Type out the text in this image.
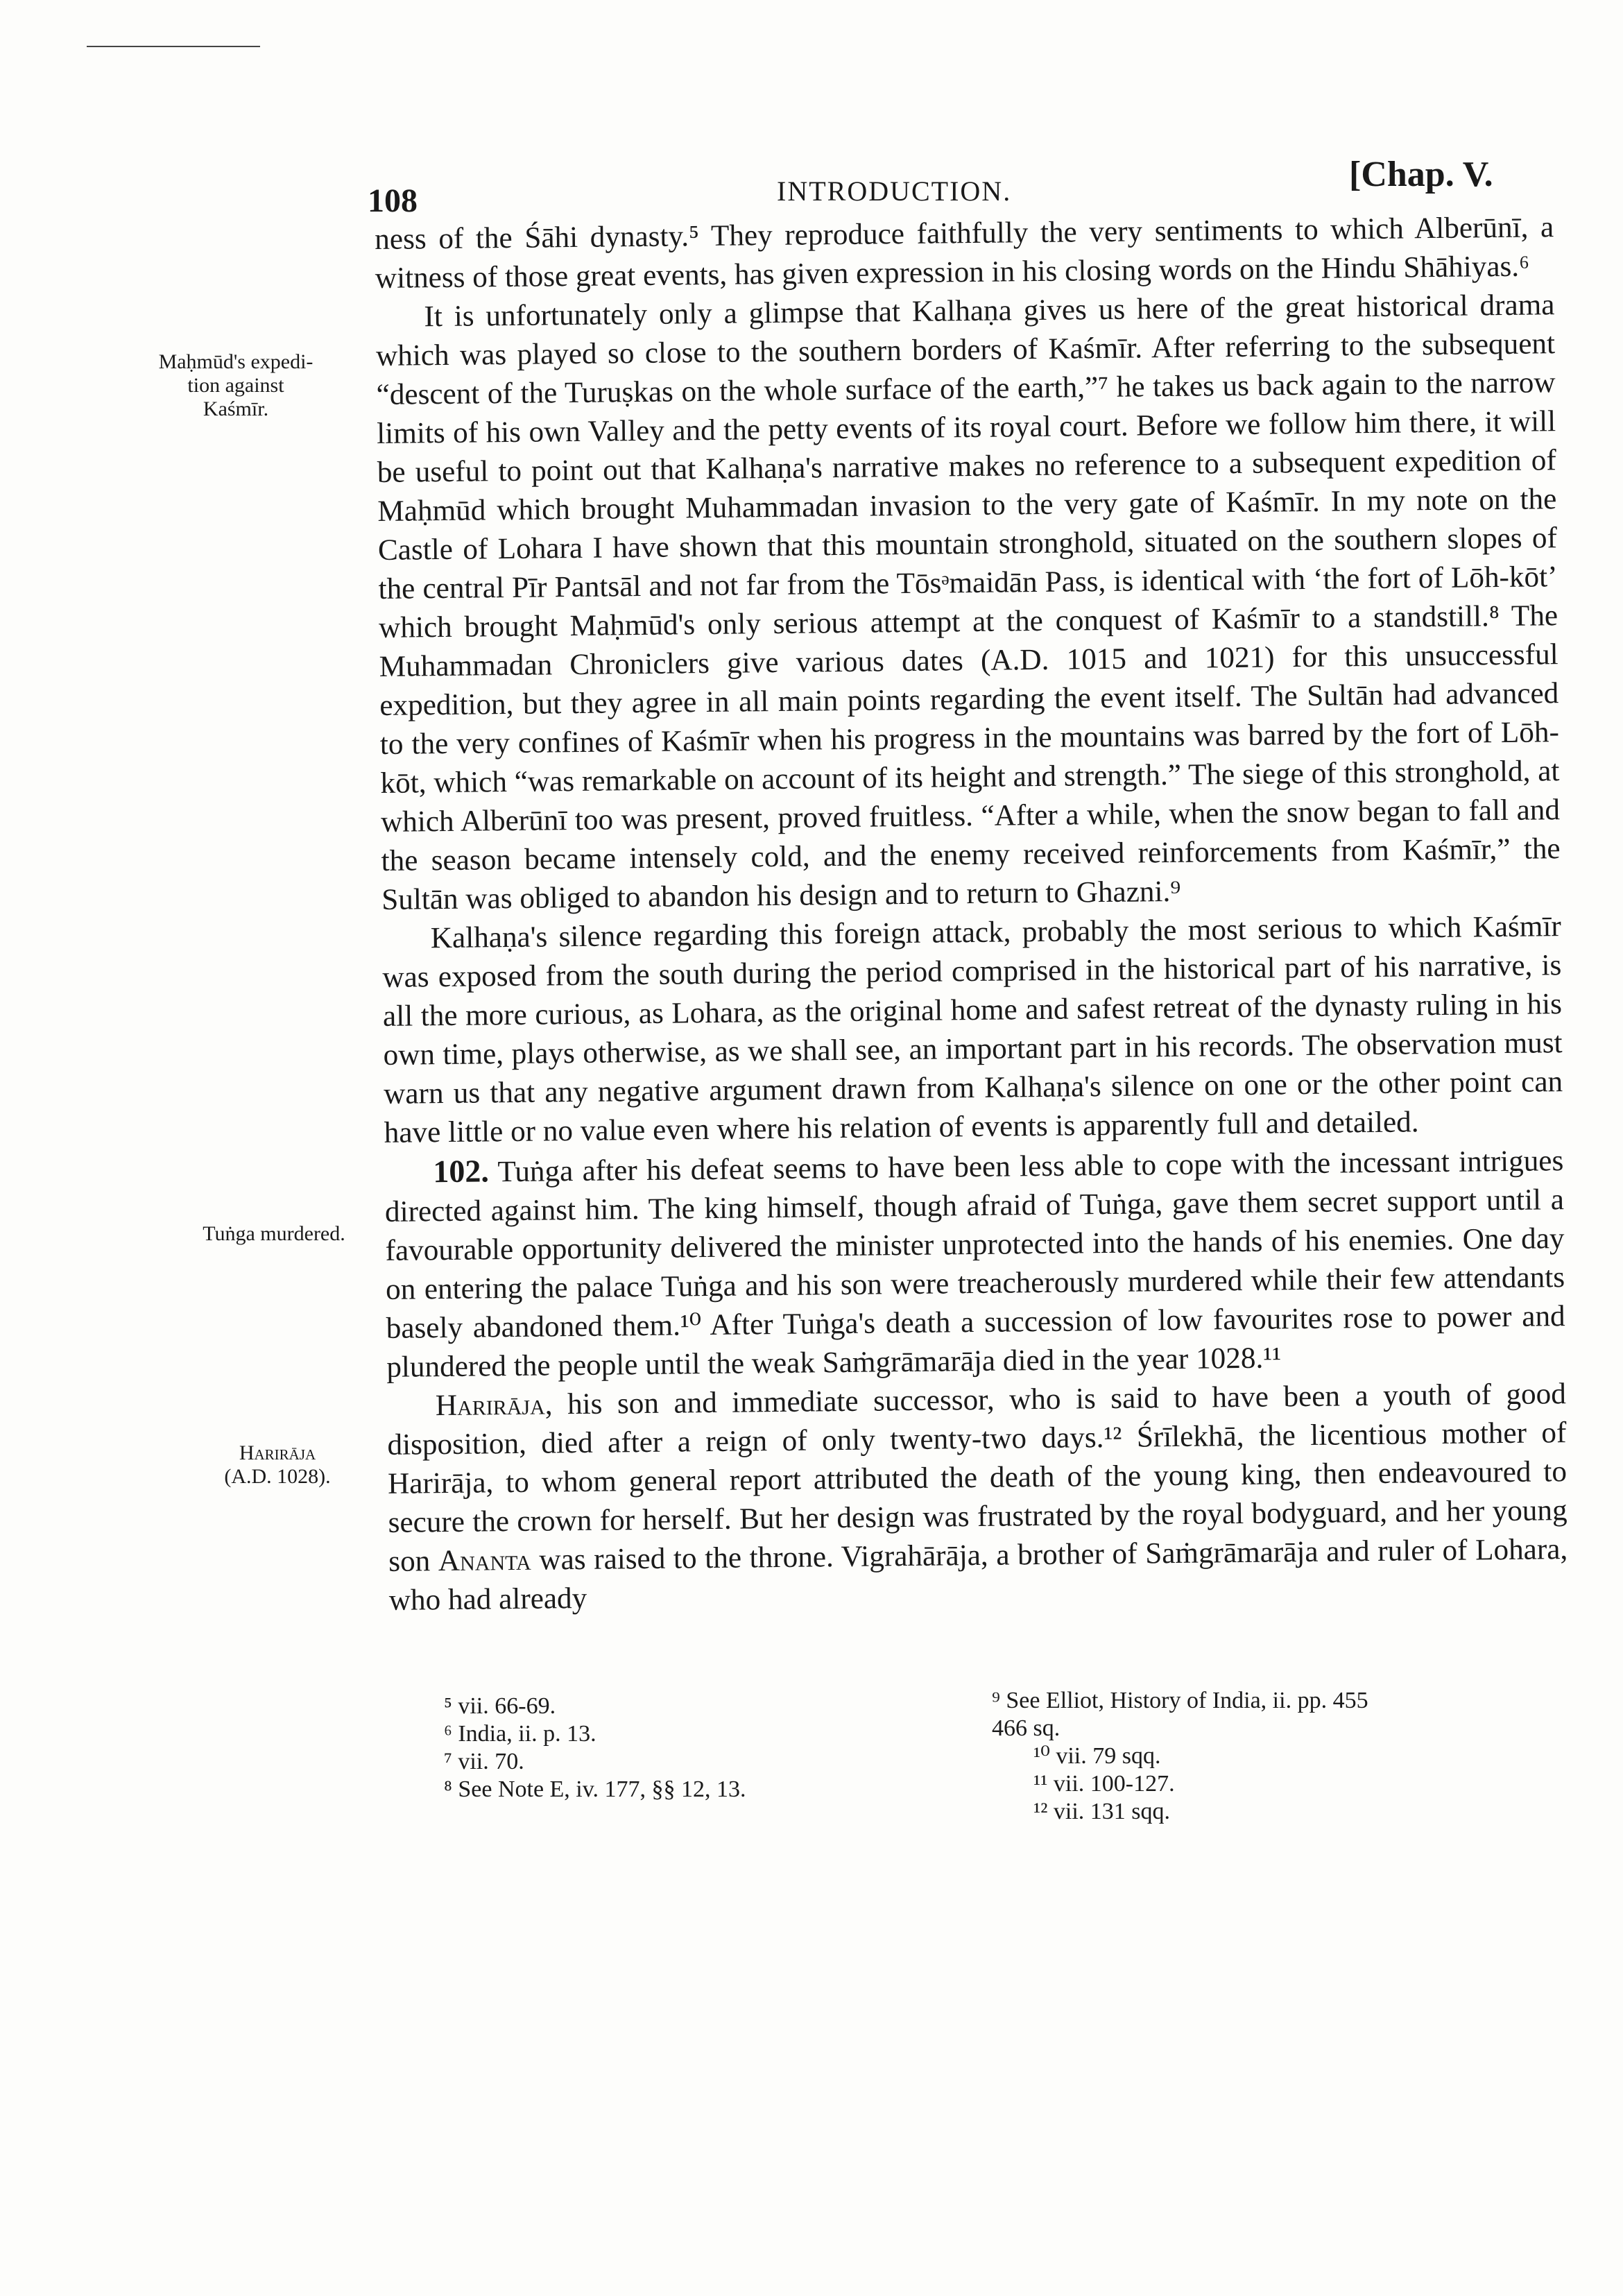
108	INTRODUCTION.	[Chap. V.
Maḥmūd's expedi-
tion against
Kaśmīr.
Tuṅga murdered.
Harirāja
(A.D. 1028).

ness of the Śāhi dynasty.⁵ They reproduce faithfully the very sentiments to which Alberūnī, a witness of those great events, has given expression in his closing words on the Hindu Shāhiyas.⁶

It is unfortunately only a glimpse that Kalhaṇa gives us here of the great historical drama which was played so close to the southern borders of Kaśmīr. After referring to the subsequent “descent of the Turuṣkas on the whole surface of the earth,”⁷ he takes us back again to the narrow limits of his own Valley and the petty events of its royal court. Before we follow him there, it will be useful to point out that Kalhaṇa's narrative makes no reference to a subsequent expedition of Maḥmūd which brought Muhammadan invasion to the very gate of Kaśmīr. In my note on the Castle of Lohara I have shown that this mountain stronghold, situated on the southern slopes of the central Pīr Pantsāl and not far from the Tōsᵊmaidān Pass, is identical with ‘the fort of Lōh-kōt’ which brought Maḥmūd's only serious attempt at the conquest of Kaśmīr to a standstill.⁸ The Muhammadan Chroniclers give various dates (A.D. 1015 and 1021) for this unsuccessful expedition, but they agree in all main points regarding the event itself. The Sultān had advanced to the very confines of Kaśmīr when his progress in the mountains was barred by the fort of Lōh-kōt, which “was remarkable on account of its height and strength.” The siege of this stronghold, at which Alberūnī too was present, proved fruitless. “After a while, when the snow began to fall and the season became intensely cold, and the enemy received reinforcements from Kaśmīr,” the Sultān was obliged to abandon his design and to return to Ghazni.⁹

Kalhaṇa's silence regarding this foreign attack, probably the most serious to which Kaśmīr was exposed from the south during the period comprised in the historical part of his narrative, is all the more curious, as Lohara, as the original home and safest retreat of the dynasty ruling in his own time, plays otherwise, as we shall see, an important part in his records. The observation must warn us that any negative argument drawn from Kalhaṇa's silence on one or the other point can have little or no value even where his relation of events is apparently full and detailed.

102. Tuṅga after his defeat seems to have been less able to cope with the incessant intrigues directed against him. The king himself, though afraid of Tuṅga, gave them secret support until a favourable opportunity delivered the minister unprotected into the hands of his enemies. One day on entering the palace Tuṅga and his son were treacherously murdered while their few attendants basely abandoned them.¹⁰ After Tuṅga's death a succession of low favourites rose to power and plundered the people until the weak Saṁgrāmarāja died in the year 1028.¹¹

Harirāja, his son and immediate successor, who is said to have been a youth of good disposition, died after a reign of only twenty-two days.¹² Śrīlekhā, the licentious mother of Harirāja, to whom general report attributed the death of the young king, then endeavoured to secure the crown for herself. But her design was frustrated by the royal bodyguard, and her young son Ananta was raised to the throne. Vigrahārāja, a brother of Saṁgrāmarāja and ruler of Lohara, who had already

⁵ vii. 66-69.
⁶ India, ii. p. 13.
⁷ vii. 70.
⁸ See Note E, iv. 177, §§ 12, 13.
⁹ See Elliot, History of India, ii. pp. 455
466 sq.
¹⁰ vii. 79 sqq.
¹¹ vii. 100-127.
¹² vii. 131 sqq.
